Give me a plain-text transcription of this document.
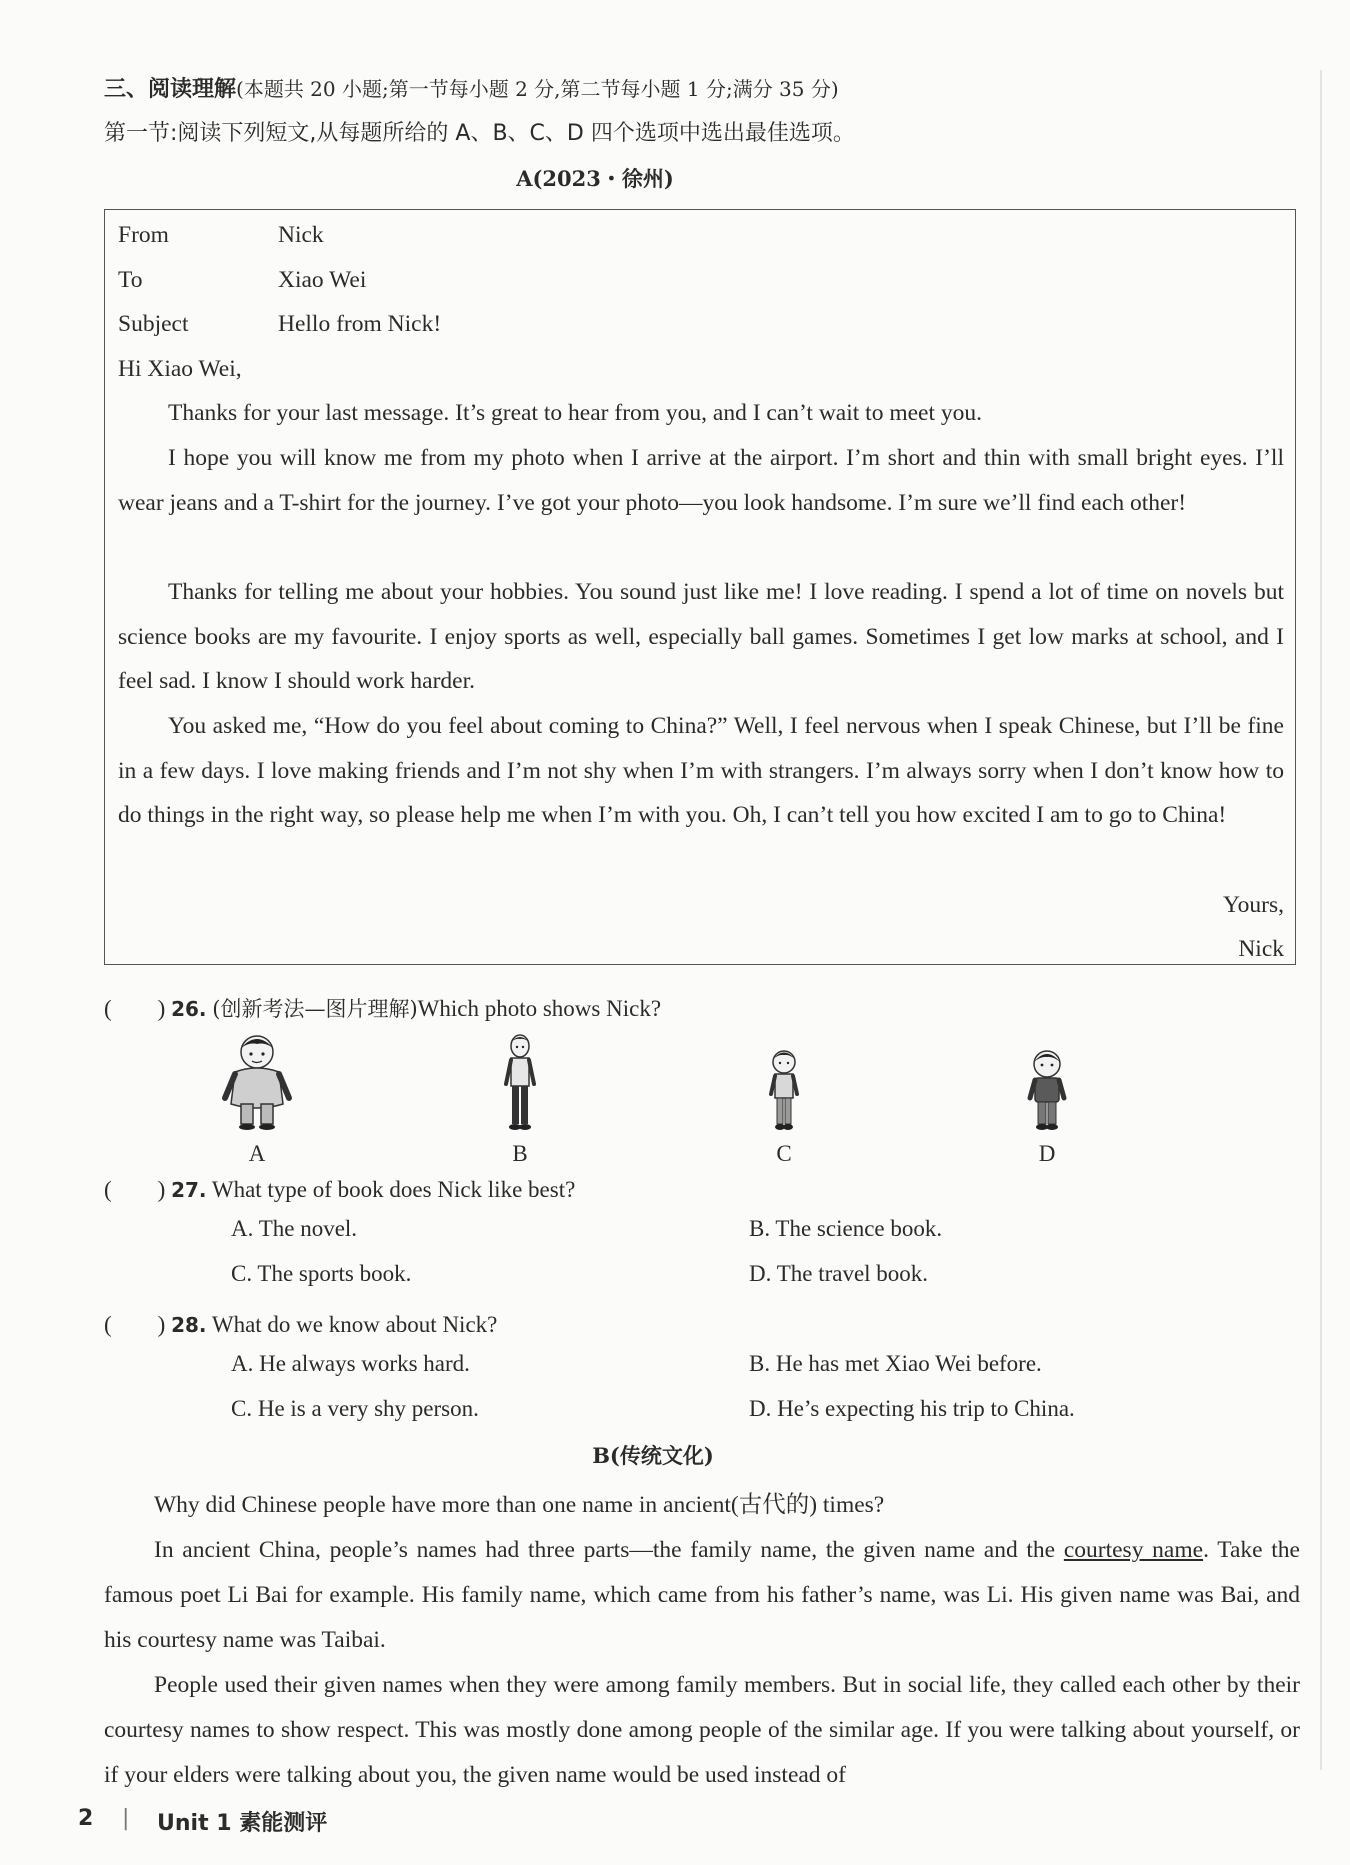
三、阅读理解(本题共 20 小题;第一节每小题 2 分,第二节每小题 1 分;满分 35 分)
第一节:阅读下列短文,从每题所给的 A、B、C、D 四个选项中选出最佳选项。
A(2023・徐州)
From	Nick
To	Xiao Wei
Subject	Hello from Nick!
Hi Xiao Wei,
Thanks for your last message. It’s great to hear from you, and I can’t wait to meet you.
I hope you will know me from my photo when I arrive at the airport. I’m short and thin with small bright eyes. I’ll wear jeans and a T-shirt for the journey. I’ve got your photo—you look handsome. I’m sure we’ll find each other!
Thanks for telling me about your hobbies. You sound just like me! I love reading. I spend a lot of time on novels but science books are my favourite. I enjoy sports as well, especially ball games. Sometimes I get low marks at school, and I feel sad. I know I should work harder.
You asked me, “How do you feel about coming to China?” Well, I feel nervous when I speak Chinese, but I’ll be fine in a few days. I love making friends and I’m not shy when I’m with strangers. I’m always sorry when I don’t know how to do things in the right way, so please help me when I’m with you. Oh, I can’t tell you how excited I am to go to China!
Yours,
Nick
(　　) 26. (创新考法—图片理解)Which photo shows Nick?
A	B	C	D
(　　) 27. What type of book does Nick like best?
A. The novel.	B. The science book.
C. The sports book.	D. The travel book.
(　　) 28. What do we know about Nick?
A. He always works hard.	B. He has met Xiao Wei before.
C. He is a very shy person.	D. He’s expecting his trip to China.
B(传统文化)
Why did Chinese people have more than one name in ancient(古代的) times?
In ancient China, people’s names had three parts—the family name, the given name and the courtesy name. Take the famous poet Li Bai for example. His family name, which came from his father’s name, was Li. His given name was Bai, and his courtesy name was Taibai.
People used their given names when they were among family members. But in social life, they called each other by their courtesy names to show respect. This was mostly done among people of the similar age. If you were talking about yourself, or if your elders were talking about you, the given name would be used instead of
2 | Unit 1 素能测评
